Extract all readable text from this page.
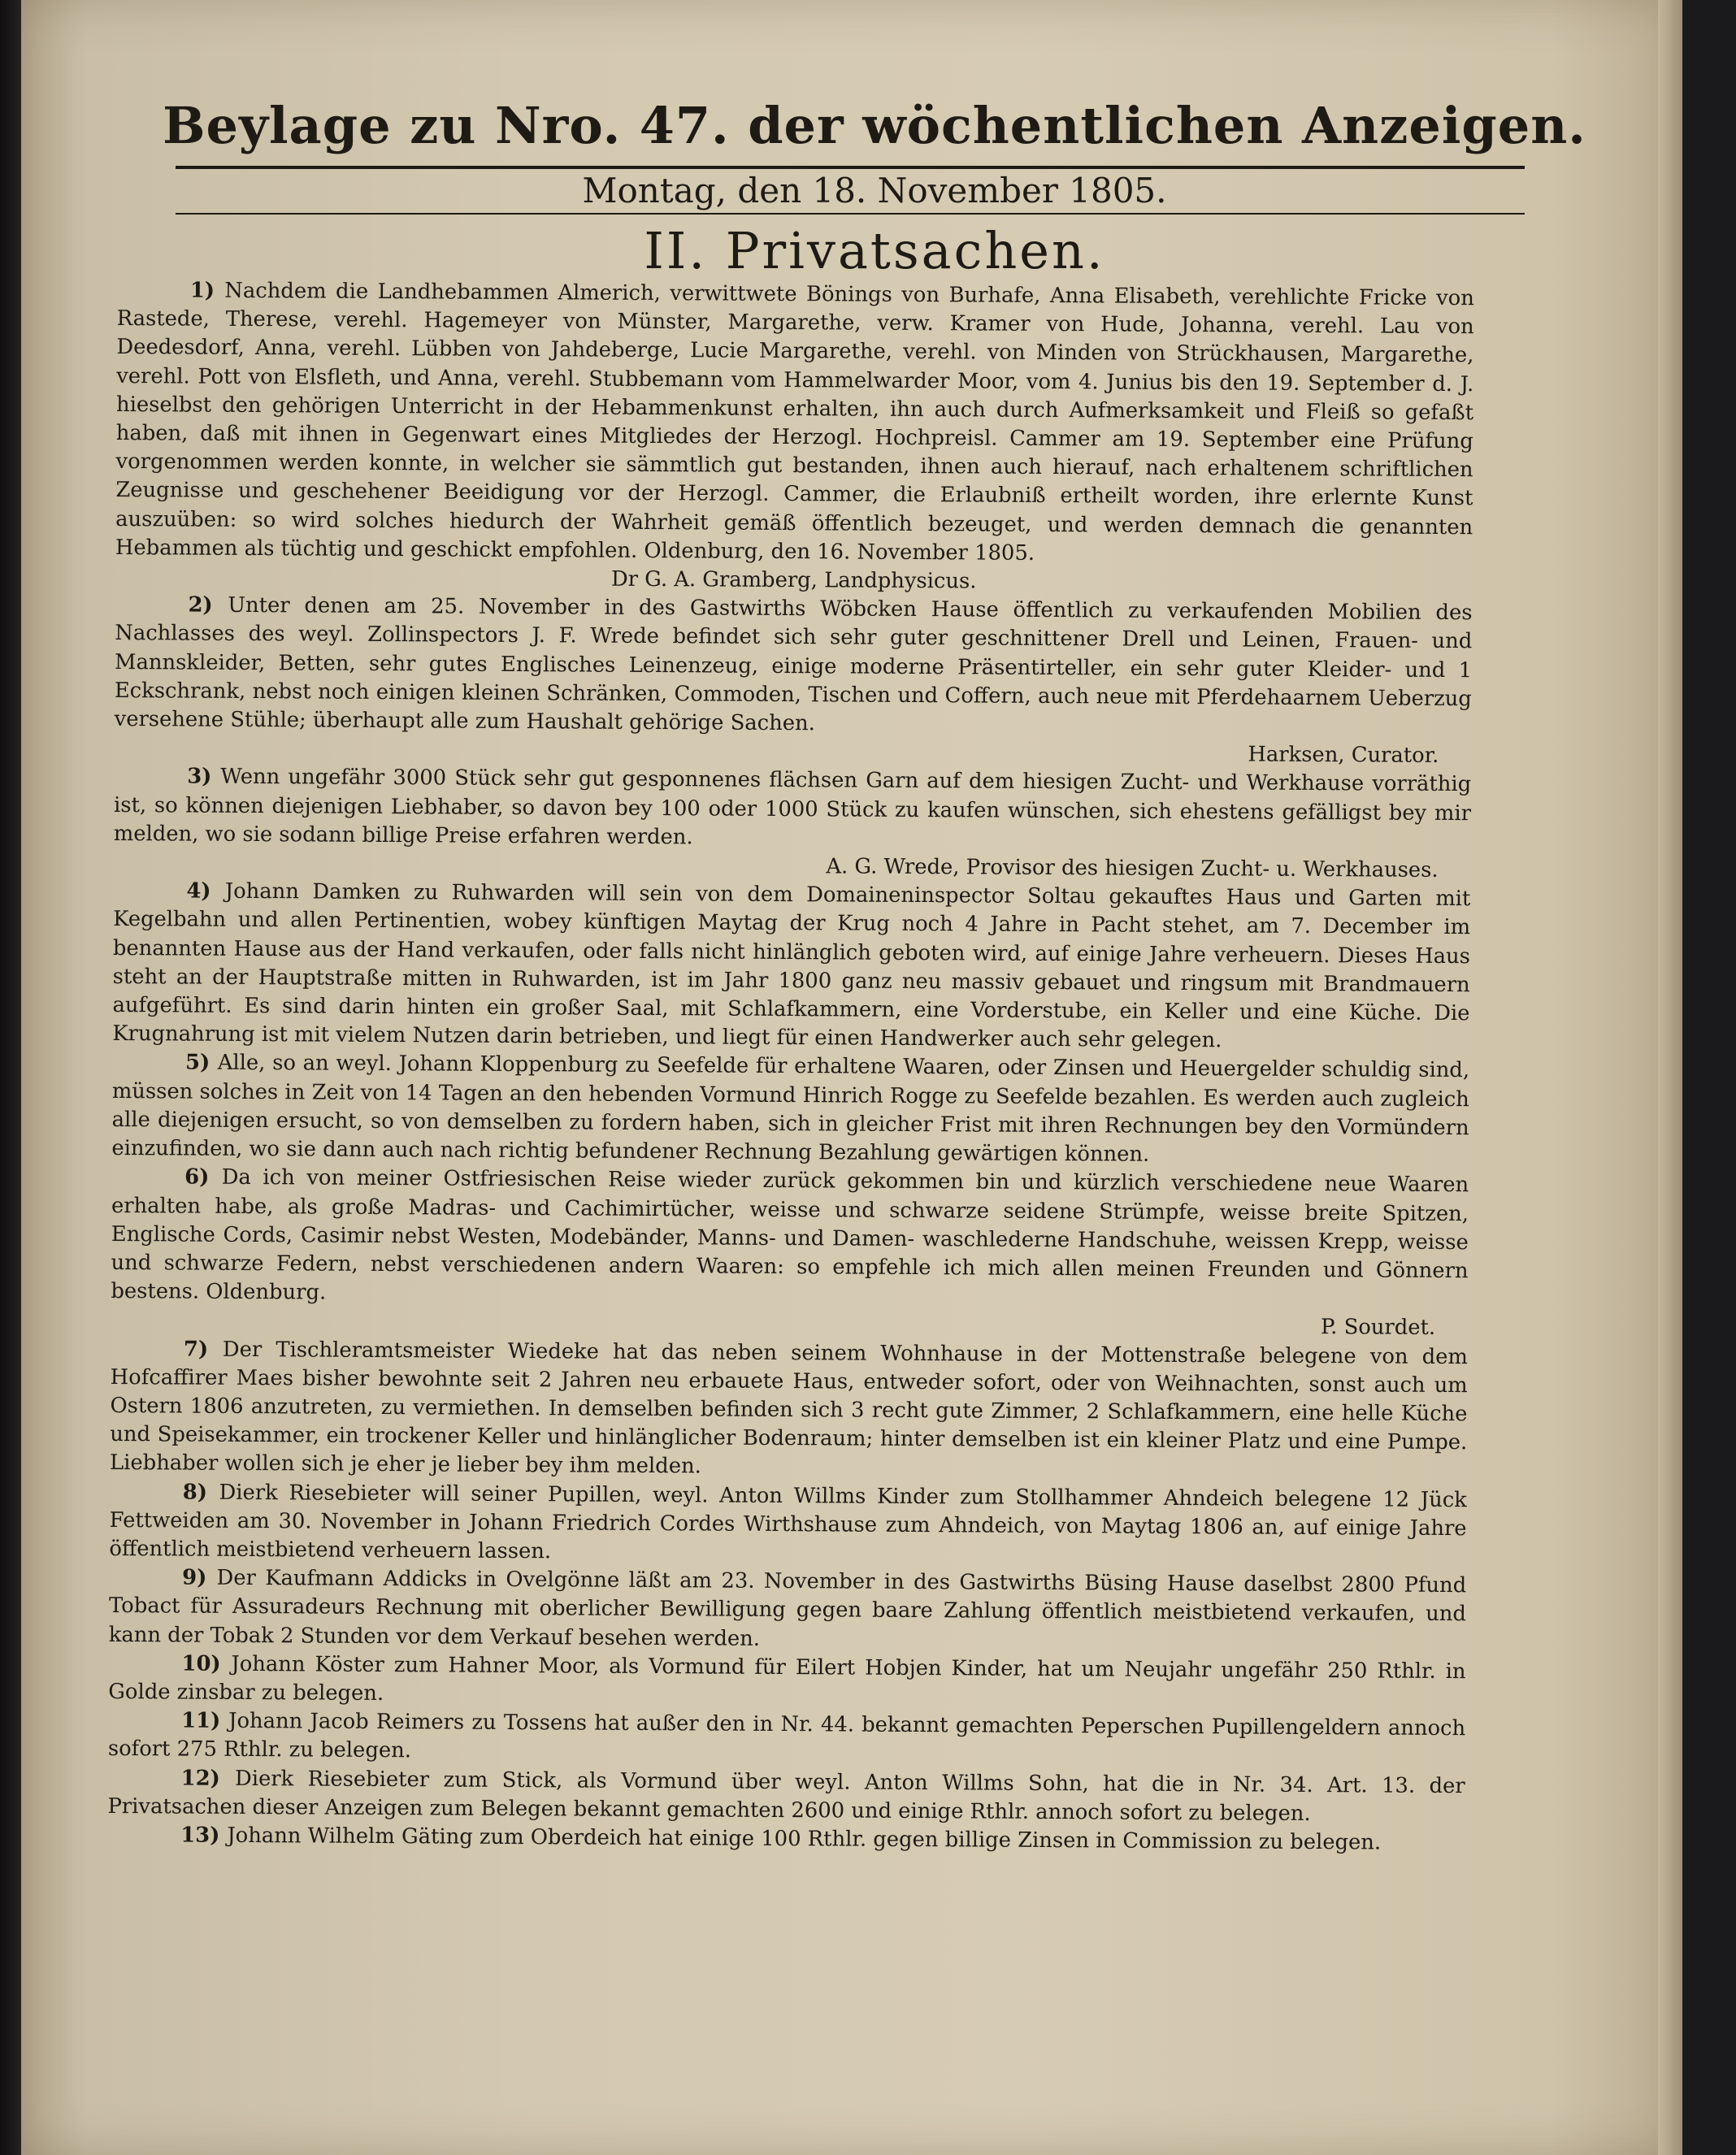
Beylage zu Nro. 47. der wöchentlichen Anzeigen.
Montag, den 18. November 1805.
II. Privatsachen.

1) Nachdem die Landhebammen Almerich, verwittwete Bönings von Burhafe, Anna Elisabeth, verehlichte Fricke von Rastede, Therese, verehl. Hagemeyer von Münster, Margarethe, verw. Kramer von Hude, Johanna, verehl. Lau von Deedesdorf, Anna, verehl. Lübben von Jahdeberge, Lucie Margarethe, verehl. von Minden von Strückhausen, Margarethe, verehl. Pott von Elsfleth, und Anna, verehl. Stubbemann vom Hammelwarder Moor, vom 4. Junius bis den 19. September d. J. hieselbst den gehörigen Unterricht in der Hebammenkunst erhalten, ihn auch durch Aufmerksamkeit und Fleiß so gefaßt haben, daß mit ihnen in Gegenwart eines Mitgliedes der Herzogl. Hochpreisl. Cammer am 19. September eine Prüfung vorgenommen werden konnte, in welcher sie sämmtlich gut bestanden, ihnen auch hierauf, nach erhaltenem schriftlichen Zeugnisse und geschehener Beeidigung vor der Herzogl. Cammer, die Erlaubniß ertheilt worden, ihre erlernte Kunst auszuüben: so wird solches hiedurch der Wahrheit gemäß öffentlich bezeuget, und werden demnach die genannten Hebammen als tüchtig und geschickt empfohlen. Oldenburg, den 16. November 1805.

Dr G. A. Gramberg, Landphysicus.

2) Unter denen am 25. November in des Gastwirths Wöbcken Hause öffentlich zu verkaufenden Mobilien des Nachlasses des weyl. Zollinspectors J. F. Wrede befindet sich sehr guter geschnittener Drell und Leinen, Frauen- und Mannskleider, Betten, sehr gutes Englisches Leinenzeug, einige moderne Präsentirteller, ein sehr guter Kleider- und 1 Eckschrank, nebst noch einigen kleinen Schränken, Commoden, Tischen und Coffern, auch neue mit Pferdehaarnem Ueberzug versehene Stühle; überhaupt alle zum Haushalt gehörige Sachen.

Harksen, Curator.

3) Wenn ungefähr 3000 Stück sehr gut gesponnenes flächsen Garn auf dem hiesigen Zucht- und Werkhause vorräthig ist, so können diejenigen Liebhaber, so davon bey 100 oder 1000 Stück zu kaufen wünschen, sich ehestens gefälligst bey mir melden, wo sie sodann billige Preise erfahren werden.

A. G. Wrede, Provisor des hiesigen Zucht- u. Werkhauses.

4) Johann Damken zu Ruhwarden will sein von dem Domaineninspector Soltau gekauftes Haus und Garten mit Kegelbahn und allen Pertinentien, wobey künftigen Maytag der Krug noch 4 Jahre in Pacht stehet, am 7. December im benannten Hause aus der Hand verkaufen, oder falls nicht hinlänglich geboten wird, auf einige Jahre verheuern. Dieses Haus steht an der Hauptstraße mitten in Ruhwarden, ist im Jahr 1800 ganz neu massiv gebauet und ringsum mit Brandmauern aufgeführt. Es sind darin hinten ein großer Saal, mit Schlafkammern, eine Vorderstube, ein Keller und eine Küche. Die Krugnahrung ist mit vielem Nutzen darin betrieben, und liegt für einen Handwerker auch sehr gelegen.

5) Alle, so an weyl. Johann Kloppenburg zu Seefelde für erhaltene Waaren, oder Zinsen und Heuergelder schuldig sind, müssen solches in Zeit von 14 Tagen an den hebenden Vormund Hinrich Rogge zu Seefelde bezahlen. Es werden auch zugleich alle diejenigen ersucht, so von demselben zu fordern haben, sich in gleicher Frist mit ihren Rechnungen bey den Vormündern einzufinden, wo sie dann auch nach richtig befundener Rechnung Bezahlung gewärtigen können.

6) Da ich von meiner Ostfriesischen Reise wieder zurück gekommen bin und kürzlich verschiedene neue Waaren erhalten habe, als große Madras- und Cachimirtücher, weisse und schwarze seidene Strümpfe, weisse breite Spitzen, Englische Cords, Casimir nebst Westen, Modebänder, Manns- und Damen- waschlederne Handschuhe, weissen Krepp, weisse und schwarze Federn, nebst verschiedenen andern Waaren: so empfehle ich mich allen meinen Freunden und Gönnern bestens. Oldenburg.

P. Sourdet.

7) Der Tischleramtsmeister Wiedeke hat das neben seinem Wohnhause in der Mottenstraße belegene von dem Hofcaffirer Maes bisher bewohnte seit 2 Jahren neu erbauete Haus, entweder sofort, oder von Weihnachten, sonst auch um Ostern 1806 anzutreten, zu vermiethen. In demselben befinden sich 3 recht gute Zimmer, 2 Schlafkammern, eine helle Küche und Speisekammer, ein trockener Keller und hinlänglicher Bodenraum; hinter demselben ist ein kleiner Platz und eine Pumpe. Liebhaber wollen sich je eher je lieber bey ihm melden.

8) Dierk Riesebieter will seiner Pupillen, weyl. Anton Willms Kinder zum Stollhammer Ahndeich belegene 12 Jück Fettweiden am 30. November in Johann Friedrich Cordes Wirthshause zum Ahndeich, von Maytag 1806 an, auf einige Jahre öffentlich meistbietend verheuern lassen.

9) Der Kaufmann Addicks in Ovelgönne läßt am 23. November in des Gastwirths Büsing Hause daselbst 2800 Pfund Tobact für Assuradeurs Rechnung mit oberlicher Bewilligung gegen baare Zahlung öffentlich meistbietend verkaufen, und kann der Tobak 2 Stunden vor dem Verkauf besehen werden.

10) Johann Köster zum Hahner Moor, als Vormund für Eilert Hobjen Kinder, hat um Neujahr ungefähr 250 Rthlr. in Golde zinsbar zu belegen.

11) Johann Jacob Reimers zu Tossens hat außer den in Nr. 44. bekannt gemachten Peperschen Pupillengeldern annoch sofort 275 Rthlr. zu belegen.

12) Dierk Riesebieter zum Stick, als Vormund über weyl. Anton Willms Sohn, hat die in Nr. 34. Art. 13. der Privatsachen dieser Anzeigen zum Belegen bekannt gemachten 2600 und einige Rthlr. annoch sofort zu belegen.

13) Johann Wilhelm Gäting zum Oberdeich hat einige 100 Rthlr. gegen billige Zinsen in Commission zu belegen.
